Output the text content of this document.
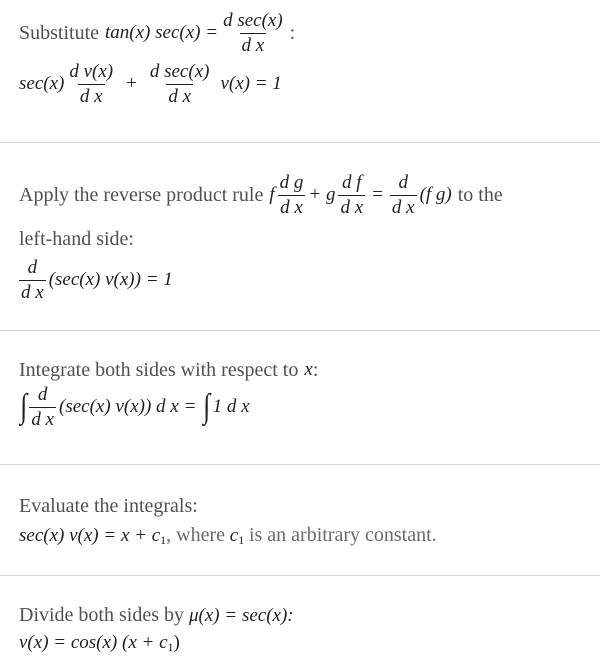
Substitute tan(x) $\sec(x) = \frac{\text{d sec(x)}}{\text{d x}}$ :
$\sec(x) \frac{\text{d v(x)}}{\text{d x}} + \frac{\text{d sec(x)}}{\text{d x}} v(x) = 1$
Apply the reverse product rule f $\frac{\text{d g}}{\text{d x}} + g \frac{\text{d f}}{\text{d x}} = \frac{d}{\text{d x}} (f$ g) to the
left-hand side:
$\frac{d}{\text{d x}} (\sec(x) v(x)) = 1$
Integrate both sides with respect to x :
∫ $\frac{d}{\text{d x}} (\sec(x)$ v(x)) d x = ∫ 1 d x
Evaluate the integrals:
sec(x) $v(x) = x + c_1$, where $c_1$ is an arbitrary constant.
Divide both sides by μ(x) = sec(x):
v(x) = cos(x) $(x + c_1)$
